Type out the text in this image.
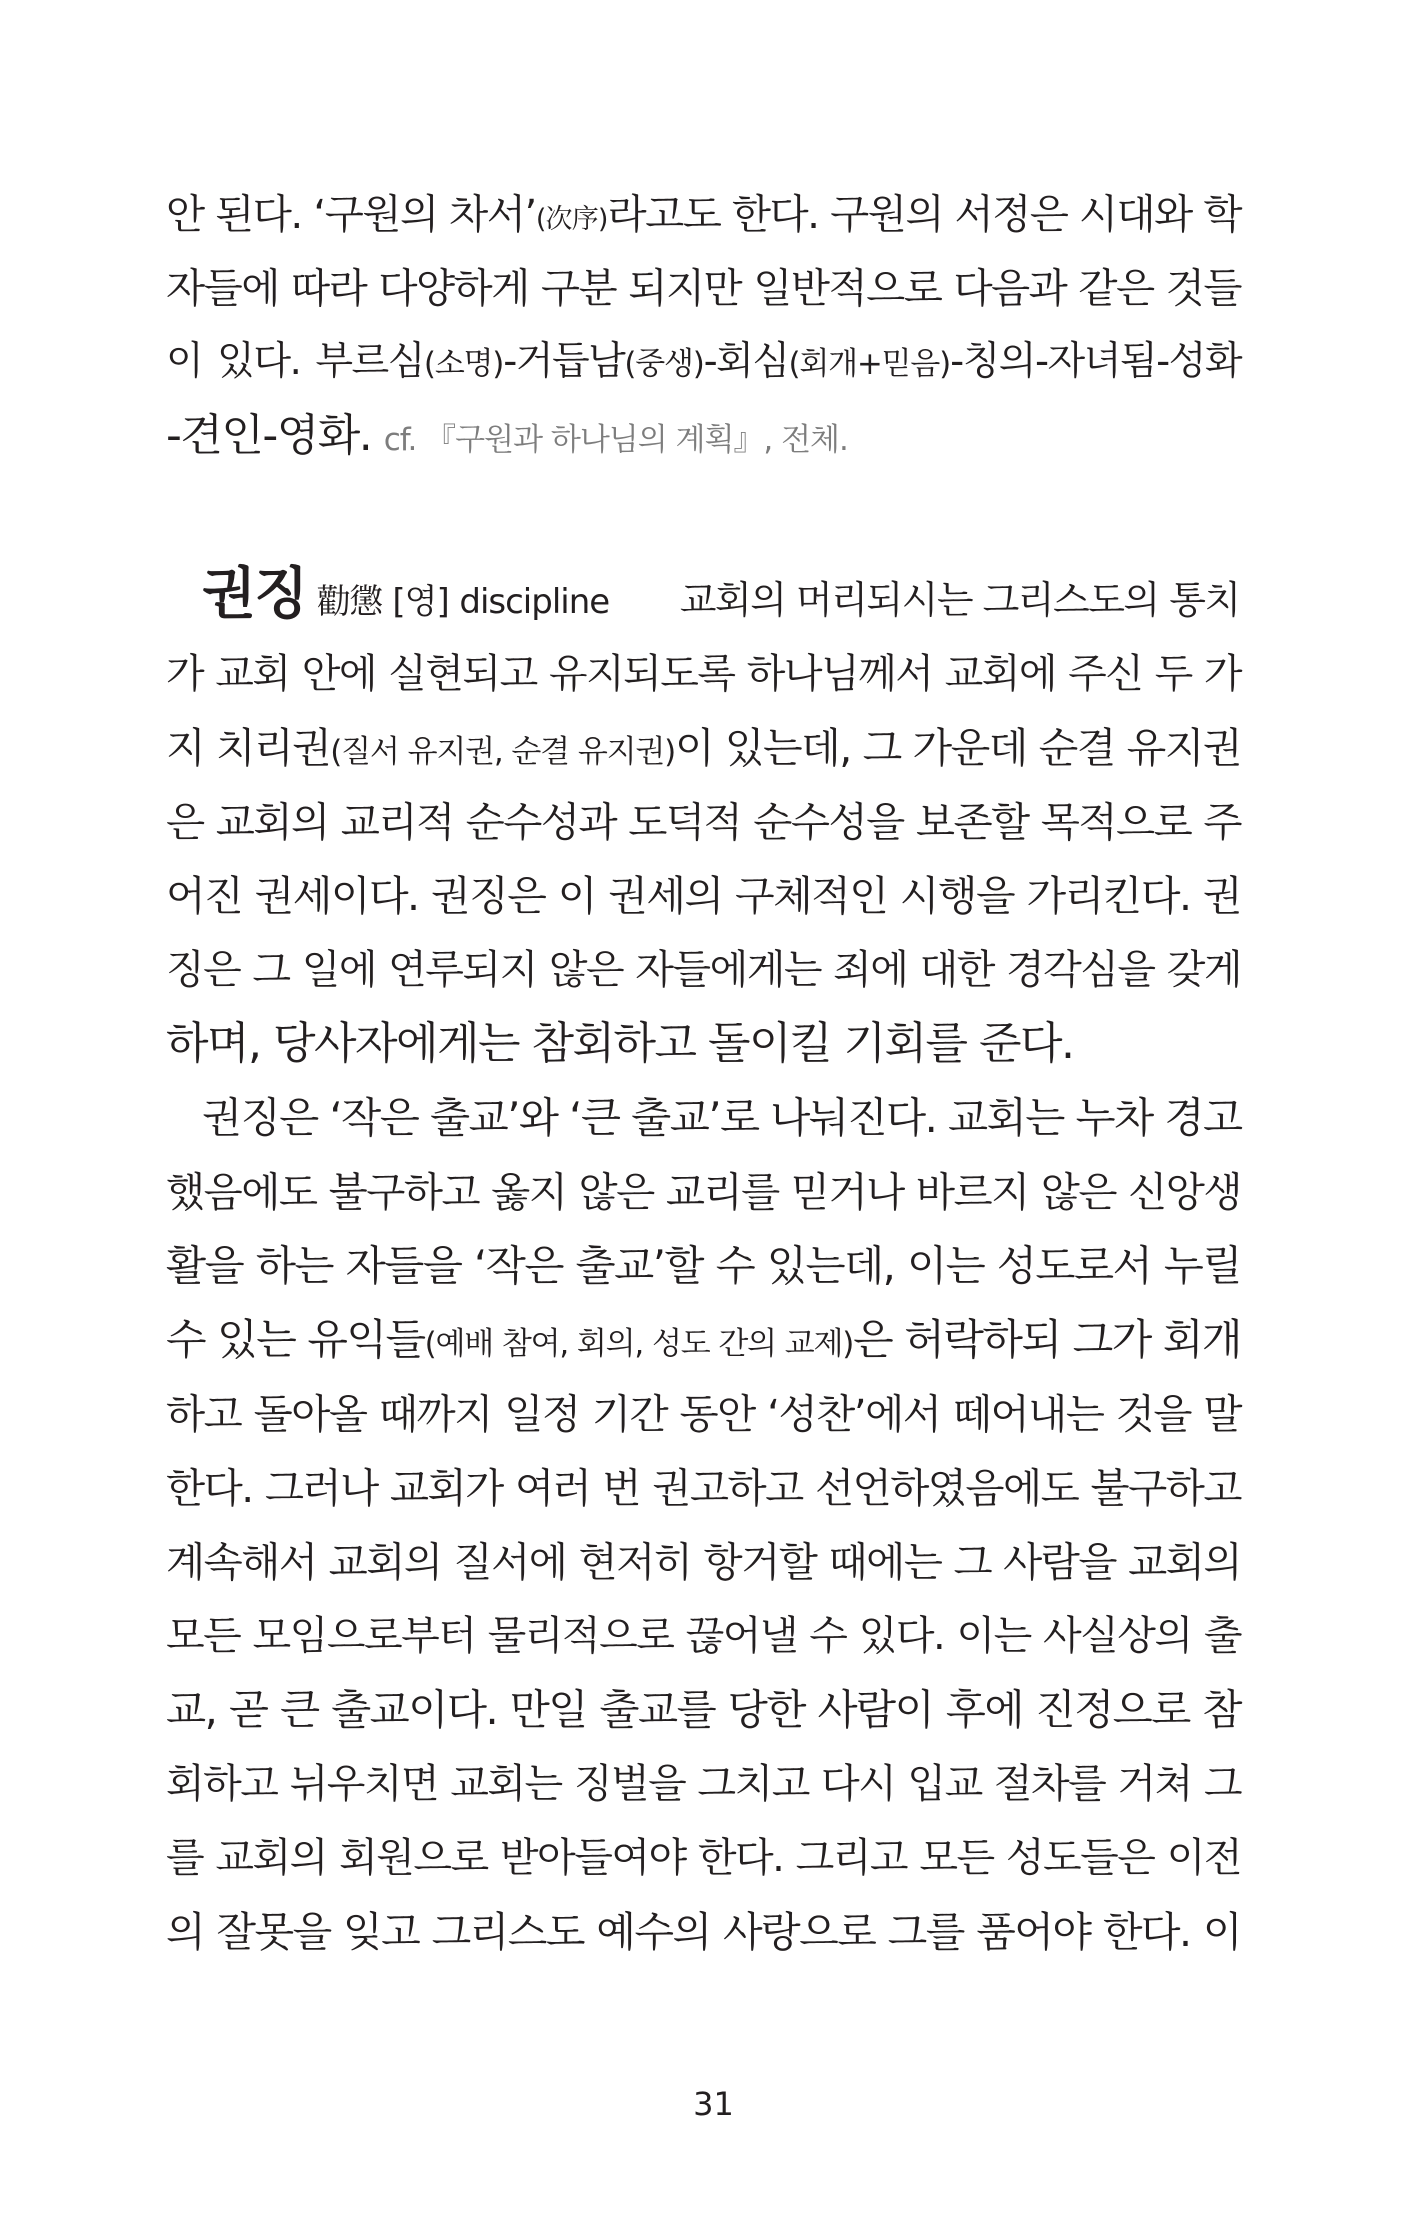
안 된다. ‘구원의 차서’(次序)라고도 한다. 구원의 서정은 시대와 학
자들에 따라 다양하게 구분 되지만 일반적으로 다음과 같은 것들
이 있다. 부르심(소명)-거듭남(중생)-회심(회개+믿음)-칭의-자녀됨-성화
-견인-영화. cf. 『구원과 하나님의 계획』, 전체.
권징 勸懲 [영] discipline 교회의 머리되시는 그리스도의 통치
가 교회 안에 실현되고 유지되도록 하나님께서 교회에 주신 두 가
지 치리권(질서 유지권, 순결 유지권)이 있는데, 그 가운데 순결 유지권
은 교회의 교리적 순수성과 도덕적 순수성을 보존할 목적으로 주
어진 권세이다. 권징은 이 권세의 구체적인 시행을 가리킨다. 권
징은 그 일에 연루되지 않은 자들에게는 죄에 대한 경각심을 갖게
하며, 당사자에게는 참회하고 돌이킬 기회를 준다.
권징은 ‘작은 출교’와 ‘큰 출교’로 나눠진다. 교회는 누차 경고
했음에도 불구하고 옳지 않은 교리를 믿거나 바르지 않은 신앙생
활을 하는 자들을 ‘작은 출교’할 수 있는데, 이는 성도로서 누릴
수 있는 유익들(예배 참여, 회의, 성도 간의 교제)은 허락하되 그가 회개
하고 돌아올 때까지 일정 기간 동안 ‘성찬’에서 떼어내는 것을 말
한다. 그러나 교회가 여러 번 권고하고 선언하였음에도 불구하고
계속해서 교회의 질서에 현저히 항거할 때에는 그 사람을 교회의
모든 모임으로부터 물리적으로 끊어낼 수 있다. 이는 사실상의 출
교, 곧 큰 출교이다. 만일 출교를 당한 사람이 후에 진정으로 참
회하고 뉘우치면 교회는 징벌을 그치고 다시 입교 절차를 거쳐 그
를 교회의 회원으로 받아들여야 한다. 그리고 모든 성도들은 이전
의 잘못을 잊고 그리스도 예수의 사랑으로 그를 품어야 한다. 이
31
